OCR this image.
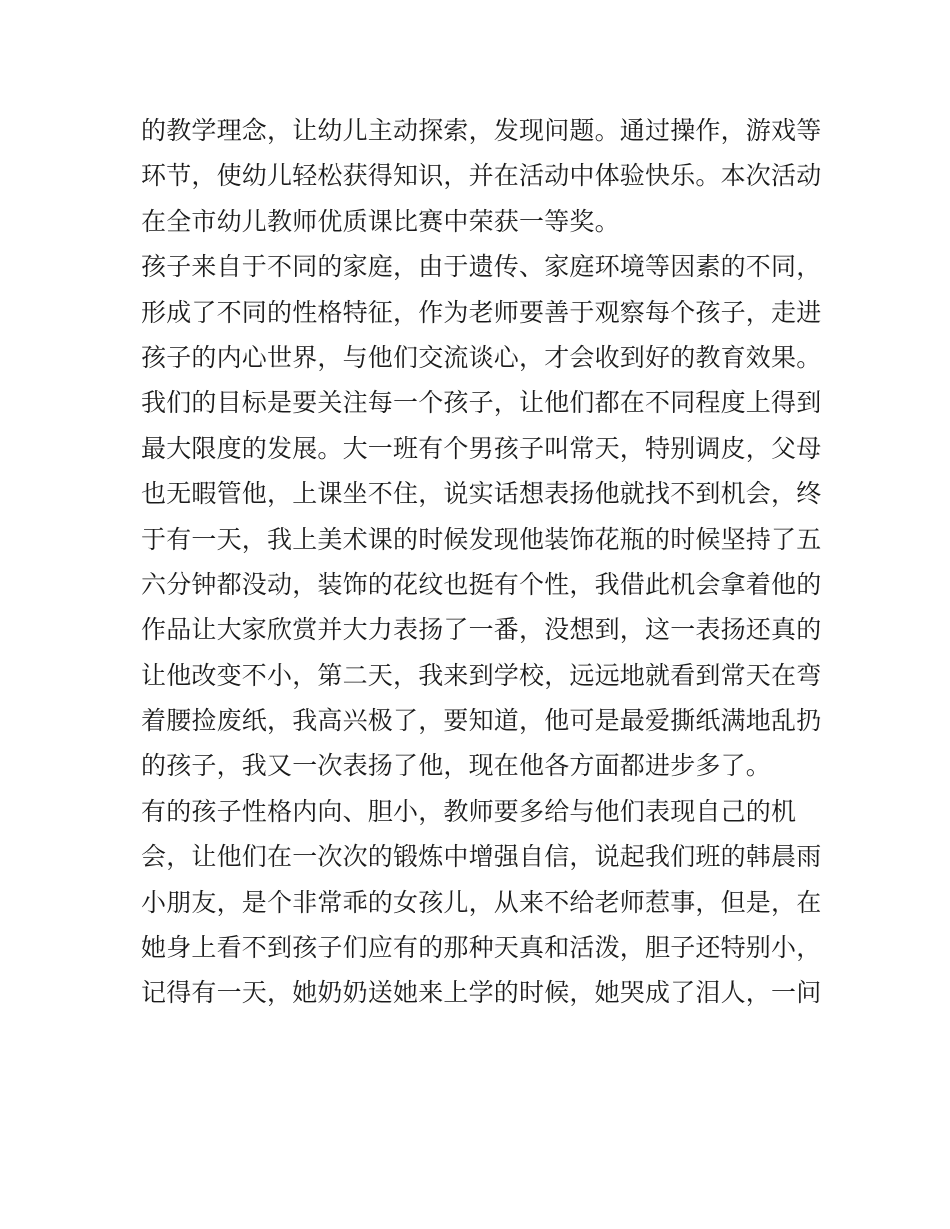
的教学理念，让幼儿主动探索，发现问题。通过操作，游戏等
环节，使幼儿轻松获得知识，并在活动中体验快乐。本次活动
在全市幼儿教师优质课比赛中荣获一等奖。
孩子来自于不同的家庭，由于遗传、家庭环境等因素的不同，
形成了不同的性格特征，作为老师要善于观察每个孩子，走进
孩子的内心世界，与他们交流谈心，才会收到好的教育效果。
我们的目标是要关注每一个孩子，让他们都在不同程度上得到
最大限度的发展。大一班有个男孩子叫常天，特别调皮，父母
也无暇管他，上课坐不住，说实话想表扬他就找不到机会，终
于有一天，我上美术课的时候发现他装饰花瓶的时候坚持了五
六分钟都没动，装饰的花纹也挺有个性，我借此机会拿着他的
作品让大家欣赏并大力表扬了一番，没想到，这一表扬还真的
让他改变不小，第二天，我来到学校，远远地就看到常天在弯
着腰捡废纸，我高兴极了，要知道，他可是最爱撕纸满地乱扔
的孩子，我又一次表扬了他，现在他各方面都进步多了。
有的孩子性格内向、胆小，教师要多给与他们表现自己的机
会，让他们在一次次的锻炼中增强自信，说起我们班的韩晨雨
小朋友，是个非常乖的女孩儿，从来不给老师惹事，但是，在
她身上看不到孩子们应有的那种天真和活泼，胆子还特别小，
记得有一天，她奶奶送她来上学的时候，她哭成了泪人，一问
